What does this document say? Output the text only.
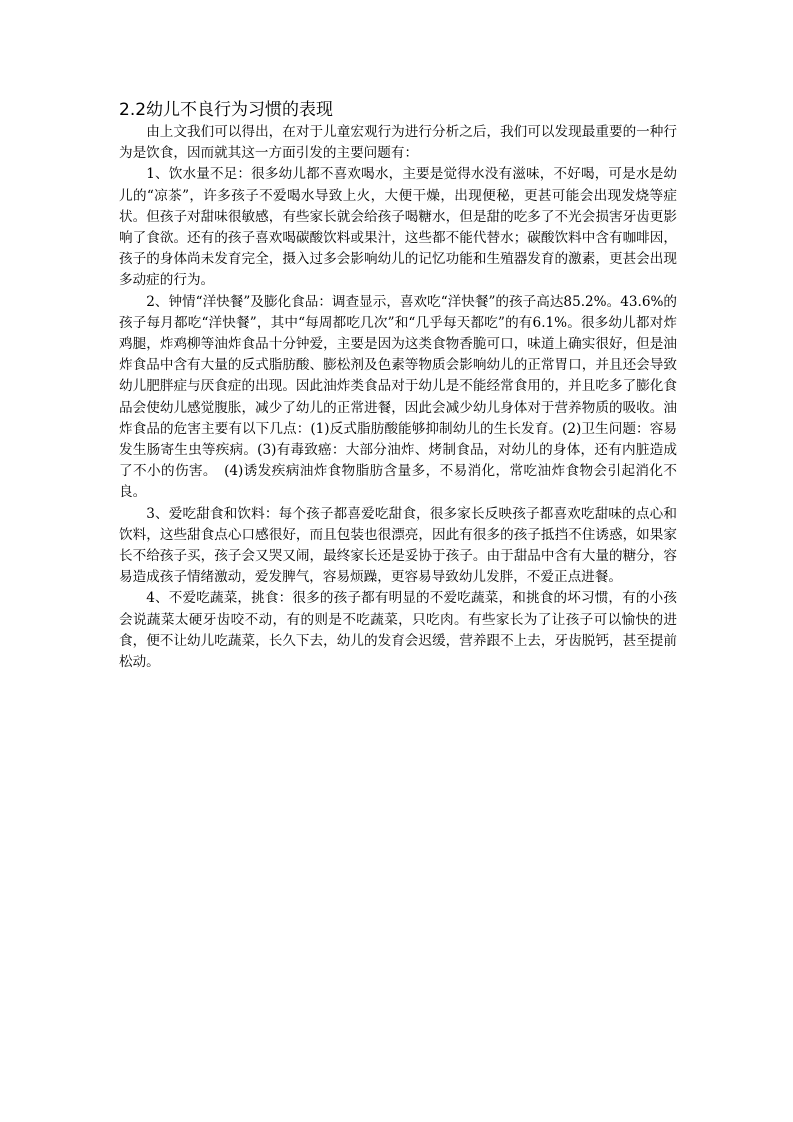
2.2幼儿不良行为习惯的表现

由上文我们可以得出，在对于儿童宏观行为进行分析之后，我们可以发现最重要的一种行为是饮食，因而就其这一方面引发的主要问题有：

1、饮水量不足：很多幼儿都不喜欢喝水，主要是觉得水没有滋味，不好喝，可是水是幼儿的“凉茶”，许多孩子不爱喝水导致上火，大便干燥，出现便秘，更甚可能会出现发烧等症状。但孩子对甜味很敏感，有些家长就会给孩子喝糖水，但是甜的吃多了不光会损害牙齿更影响了食欲。还有的孩子喜欢喝碳酸饮料或果汁，这些都不能代替水；碳酸饮料中含有咖啡因，孩子的身体尚未发育完全，摄入过多会影响幼儿的记忆功能和生殖器发育的激素，更甚会出现多动症的行为。

2、钟情“洋快餐”及膨化食品：调查显示，喜欢吃“洋快餐”的孩子高达85.2%。43.6%的孩子每月都吃“洋快餐”，其中“每周都吃几次”和“几乎每天都吃”的有6.1%。很多幼儿都对炸鸡腿，炸鸡柳等油炸食品十分钟爱，主要是因为这类食物香脆可口，味道上确实很好，但是油炸食品中含有大量的反式脂肪酸、膨松剂及色素等物质会影响幼儿的正常胃口，并且还会导致幼儿肥胖症与厌食症的出现。因此油炸类食品对于幼儿是不能经常食用的，并且吃多了膨化食品会使幼儿感觉腹胀，减少了幼儿的正常进餐，因此会减少幼儿身体对于营养物质的吸收。油炸食品的危害主要有以下几点：(1)反式脂肪酸能够抑制幼儿的生长发育。(2)卫生问题：容易发生肠寄生虫等疾病。(3)有毒致癌：大部分油炸、烤制食品，对幼儿的身体，还有内脏造成了不小的伤害。　(4)诱发疾病油炸食物脂肪含量多，不易消化，常吃油炸食物会引起消化不良。

3、爱吃甜食和饮料：每个孩子都喜爱吃甜食，很多家长反映孩子都喜欢吃甜味的点心和饮料，这些甜食点心口感很好，而且包装也很漂亮，因此有很多的孩子抵挡不住诱惑，如果家长不给孩子买，孩子会又哭又闹，最终家长还是妥协于孩子。由于甜品中含有大量的糖分，容易造成孩子情绪激动，爱发脾气，容易烦躁，更容易导致幼儿发胖，不爱正点进餐。

4、不爱吃蔬菜，挑食：很多的孩子都有明显的不爱吃蔬菜，和挑食的坏习惯，有的小孩会说蔬菜太硬牙齿咬不动，有的则是不吃蔬菜，只吃肉。有些家长为了让孩子可以愉快的进食，便不让幼儿吃蔬菜，长久下去，幼儿的发育会迟缓，营养跟不上去，牙齿脱钙，甚至提前松动。
